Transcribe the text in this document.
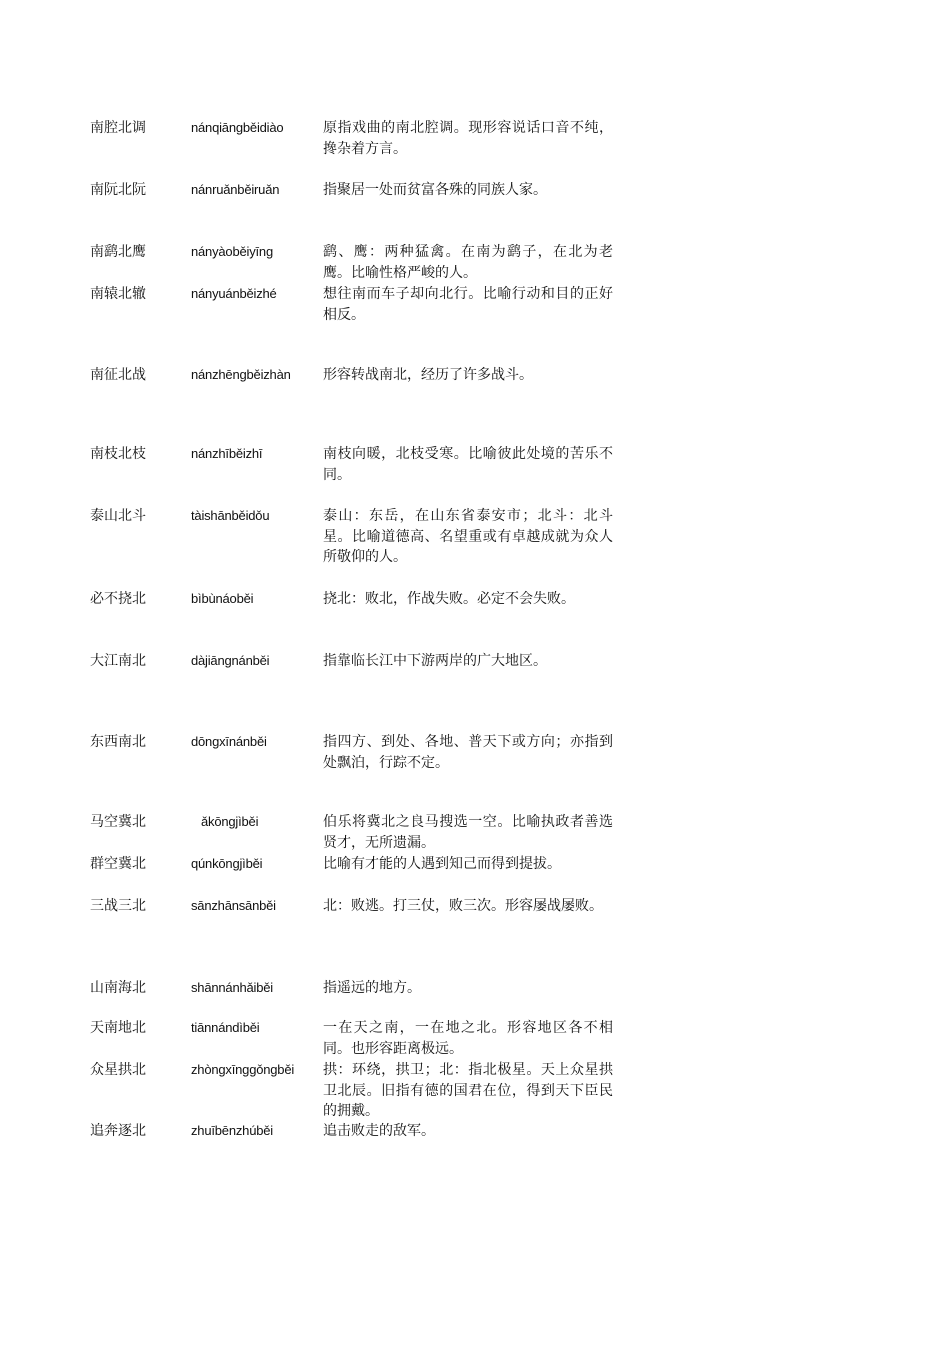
南腔北调	nánqiāngběidiào	原指戏曲的南北腔调。现形容说话口音不纯，搀杂着方言。
南阮北阮	nánruǎnběiruǎn	指聚居一处而贫富各殊的同族人家。
南鹞北鹰	nányàoběiyīng	鹞、鹰：两种猛禽。在南为鹞子，在北为老鹰。比喻性格严峻的人。
南辕北辙	nányuánběizhé	想往南而车子却向北行。比喻行动和目的正好相反。
南征北战	nánzhēngběizhàn	形容转战南北，经历了许多战斗。
南枝北枝	nánzhīběizhī	南枝向暖，北枝受寒。比喻彼此处境的苦乐不同。
泰山北斗	tàishānběidǒu	泰山：东岳，在山东省泰安市；北斗：北斗星。比喻道德高、名望重或有卓越成就为众人所敬仰的人。
必不挠北	bìbùnáoběi	挠北：败北，作战失败。必定不会失败。
大江南北	dàjiāngnánběi	指靠临长江中下游两岸的广大地区。
东西南北	dōngxīnánběi	指四方、到处、各地、普天下或方向；亦指到处飘泊，行踪不定。
马空冀北	ǎkōngjìběi	伯乐将冀北之良马搜选一空。比喻执政者善选贤才，无所遗漏。
群空冀北	qúnkōngjìběi	比喻有才能的人遇到知己而得到提拔。
三战三北	sānzhānsānběi	北：败逃。打三仗，败三次。形容屡战屡败。
山南海北	shānnánhǎiběi	指遥远的地方。
天南地北	tiānnándìběi	一在天之南，一在地之北。形容地区各不相同。也形容距离极远。
众星拱北	zhòngxīnggǒngběi	拱：环绕，拱卫；北：指北极星。天上众星拱卫北辰。旧指有德的国君在位，得到天下臣民的拥戴。
追奔逐北	zhuībēnzhúběi	追击败走的敌军。
